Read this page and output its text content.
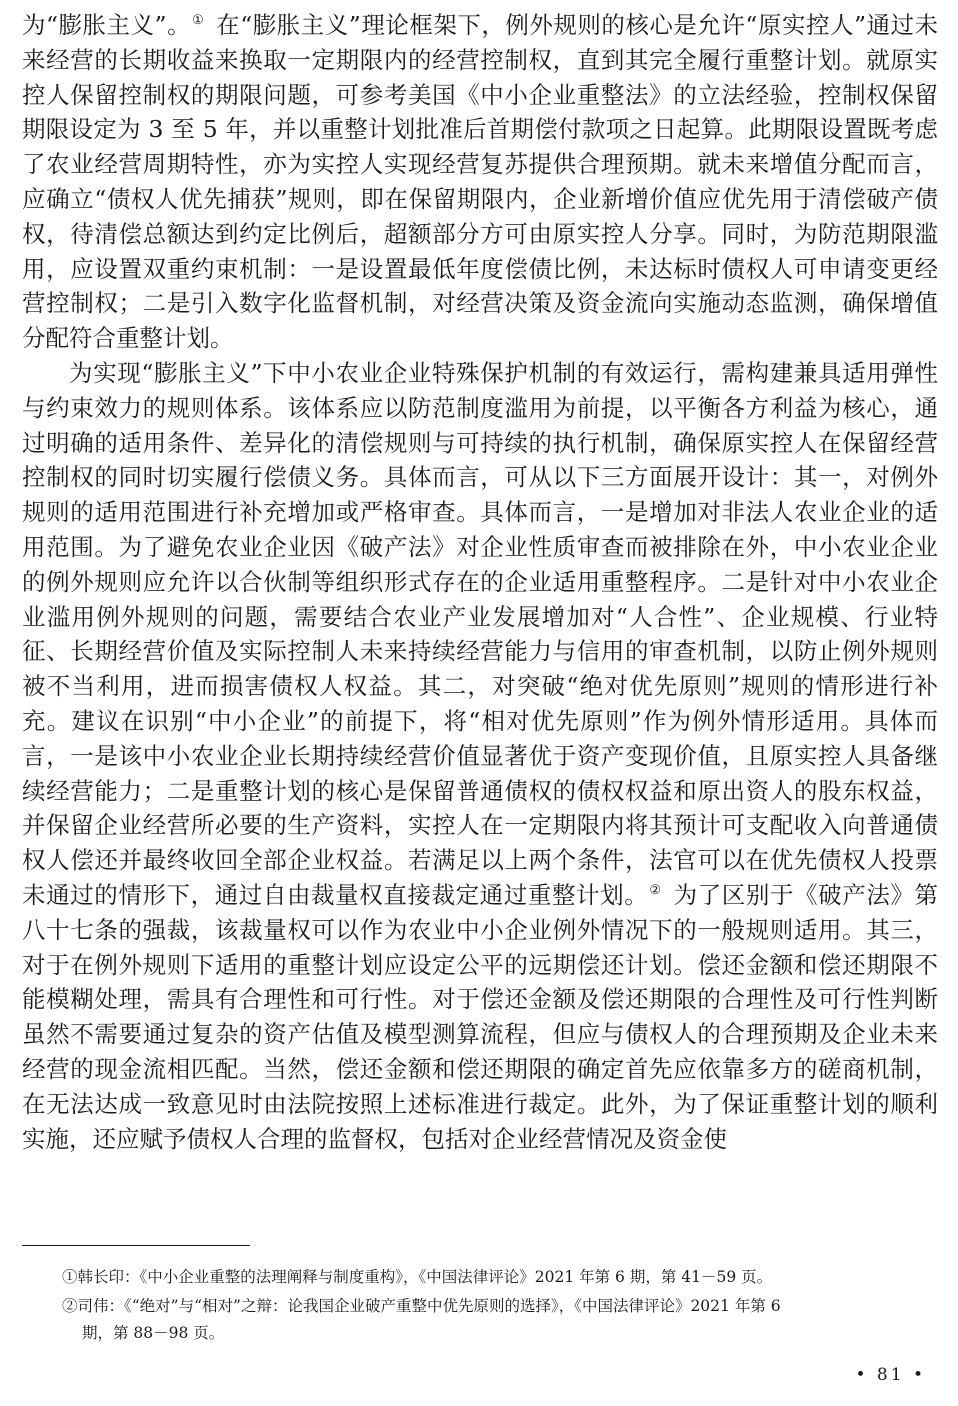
为“膨胀主义”。① 在“膨胀主义”理论框架下，例外规则的核心是允许“原实控人”通过未来经营的长期收益来换取一定期限内的经营控制权，直到其完全履行重整计划。就原实控人保留控制权的期限问题，可参考美国《中小企业重整法》的立法经验，控制权保留期限设定为 3 至 5 年，并以重整计划批准后首期偿付款项之日起算。此期限设置既考虑了农业经营周期特性，亦为实控人实现经营复苏提供合理预期。就未来增值分配而言，应确立“债权人优先捕获”规则，即在保留期限内，企业新增价值应优先用于清偿破产债权，待清偿总额达到约定比例后，超额部分方可由原实控人分享。同时，为防范期限滥用，应设置双重约束机制：一是设置最低年度偿债比例，未达标时债权人可申请变更经营控制权；二是引入数字化监督机制，对经营决策及资金流向实施动态监测，确保增值分配符合重整计划。

为实现“膨胀主义”下中小农业企业特殊保护机制的有效运行，需构建兼具适用弹性与约束效力的规则体系。该体系应以防范制度滥用为前提，以平衡各方利益为核心，通过明确的适用条件、差异化的清偿规则与可持续的执行机制，确保原实控人在保留经营控制权的同时切实履行偿债义务。具体而言，可从以下三方面展开设计：其一，对例外规则的适用范围进行补充增加或严格审查。具体而言，一是增加对非法人农业企业的适用范围。为了避免农业企业因《破产法》对企业性质审查而被排除在外，中小农业企业的例外规则应允许以合伙制等组织形式存在的企业适用重整程序。二是针对中小农业企业滥用例外规则的问题，需要结合农业产业发展增加对“人合性”、企业规模、行业特征、长期经营价值及实际控制人未来持续经营能力与信用的审查机制，以防止例外规则被不当利用，进而损害债权人权益。其二，对突破“绝对优先原则”规则的情形进行补充。建议在识别“中小企业”的前提下，将“相对优先原则”作为例外情形适用。具体而言，一是该中小农业企业长期持续经营价值显著优于资产变现价值，且原实控人具备继续经营能力；二是重整计划的核心是保留普通债权的债权权益和原出资人的股东权益，并保留企业经营所必要的生产资料，实控人在一定期限内将其预计可支配收入向普通债权人偿还并最终收回全部企业权益。若满足以上两个条件，法官可以在优先债权人投票未通过的情形下，通过自由裁量权直接裁定通过重整计划。② 为了区别于《破产法》第八十七条的强裁，该裁量权可以作为农业中小企业例外情况下的一般规则适用。其三，对于在例外规则下适用的重整计划应设定公平的远期偿还计划。偿还金额和偿还期限不能模糊处理，需具有合理性和可行性。对于偿还金额及偿还期限的合理性及可行性判断虽然不需要通过复杂的资产估值及模型测算流程，但应与债权人的合理预期及企业未来经营的现金流相匹配。当然，偿还金额和偿还期限的确定首先应依靠多方的磋商机制，在无法达成一致意见时由法院按照上述标准进行裁定。此外，为了保证重整计划的顺利实施，还应赋予债权人合理的监督权，包括对企业经营情况及资金使

①韩长印：《中小企业重整的法理阐释与制度重构》，《中国法律评论》2021 年第 6 期，第 41－59 页。

②司伟：《“绝对”与“相对”之辩：论我国企业破产重整中优先原则的选择》，《中国法律评论》2021 年第 6
期，第 88－98 页。

• 81 •
